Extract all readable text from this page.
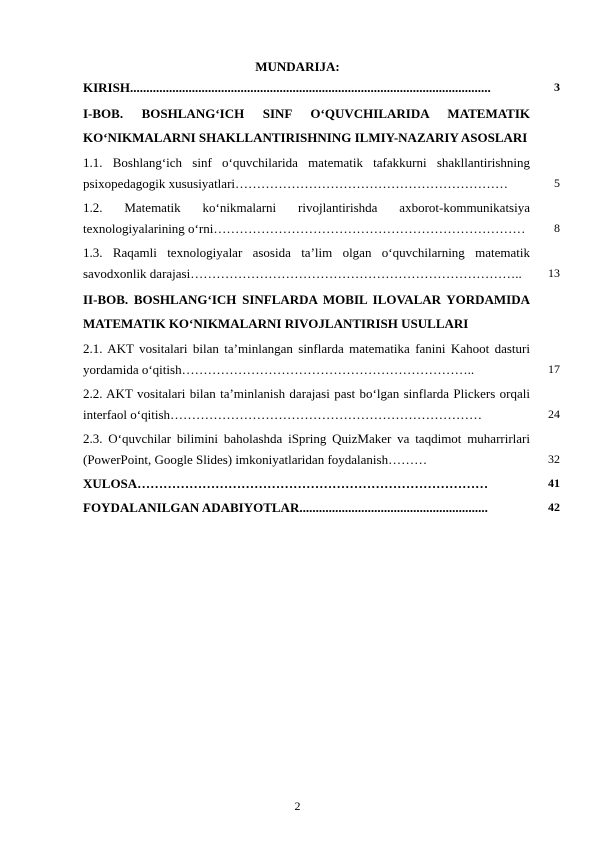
MUNDARIJA:
KIRISH...............................................................................................................	3
I-BOB. BOSHLANG‘ICH SINF O‘QUVCHILARIDA MATEMATIK KO‘NIKMALARNI SHAKLLANTIRISHNING ILMIY-NAZARIY ASOSLARI
1.1. Boshlang‘ich sinf o‘quvchilarida matematik tafakkurni shakllantirishning psixopedagogik xususiyatlari………………………………………………………	5
1.2. Matematik ko‘nikmalarni rivojlantirishda axborot-kommunikatsiya texnologiyalarining o‘rni………………………………………………………………	8
1.3. Raqamli texnologiyalar asosida ta’lim olgan o‘quvchilarning matematik savodxonlik darajasi…………………………………………………………………..	13
II-BOB. BOSHLANG‘ICH SINFLARDA MOBIL ILOVALAR YORDAMIDA MATEMATIK KO‘NIKMALARNI RIVOJLANTIRISH USULLARI
2.1. AKT vositalari bilan ta’minlangan sinflarda matematika fanini Kahoot dasturi yordamida o‘qitish…………………………………………………………..	17
2.2. AKT vositalari bilan ta’minlanish darajasi past bo‘lgan sinflarda Plickers orqali interfaol o‘qitish………………………………………………………………	24
2.3. O‘quvchilar bilimini baholashda iSpring QuizMaker va taqdimot muharrirlari (PowerPoint, Google Slides) imkoniyatlaridan foydalanish………	32
XULOSA………………………………………………………………………	41
FOYDALANILGAN ADABIYOTLAR..........................................................	42
2
